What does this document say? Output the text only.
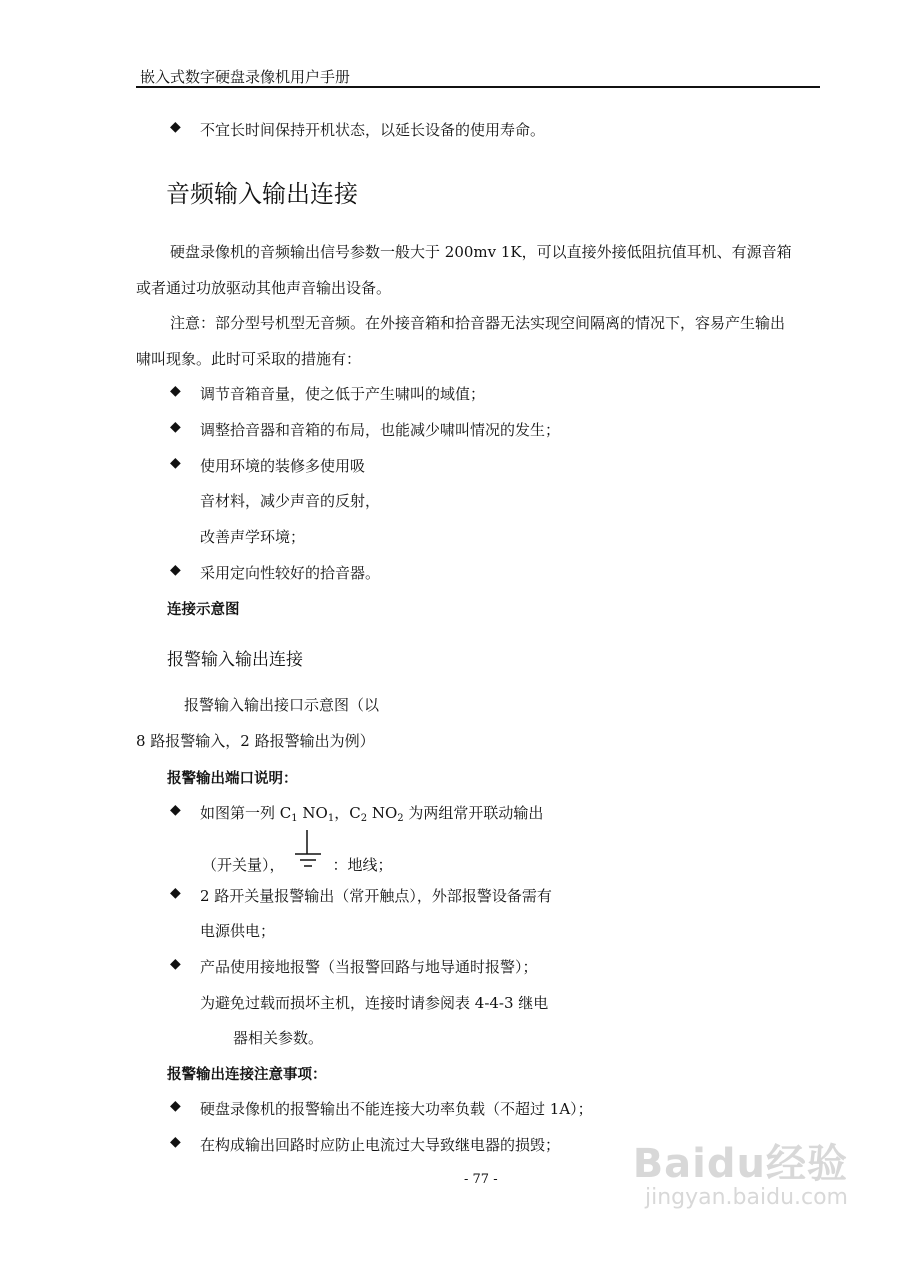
嵌入式数字硬盘录像机用户手册
◆ 不宜长时间保持开机状态，以延长设备的使用寿命。
音频输入输出连接
硬盘录像机的音频输出信号参数一般大于 200mv 1K，可以直接外接低阻抗值耳机、有源音箱
或者通过功放驱动其他声音输出设备。
注意：部分型号机型无音频。在外接音箱和拾音器无法实现空间隔离的情况下，容易产生输出
啸叫现象。此时可采取的措施有：
◆ 调节音箱音量，使之低于产生啸叫的域值；
◆ 调整拾音器和音箱的布局，也能减少啸叫情况的发生；
◆ 使用环境的装修多使用吸
音材料，减少声音的反射，
改善声学环境；
◆ 采用定向性较好的拾音器。
连接示意图
报警输入输出连接
报警输入输出接口示意图（以
8 路报警输入，2 路报警输出为例）
报警输出端口说明：
◆ 如图第一列 $C_1$ $NO_1$，$C_2$ $NO_2$ 为两组常开联动输出
（开关量），	：地线；
◆ 2 路开关量报警输出（常开触点），外部报警设备需有
电源供电；
◆ 产品使用接地报警（当报警回路与地导通时报警）；
为避免过载而损坏主机，连接时请参阅表 4-4-3 继电
器相关参数。
报警输出连接注意事项：
◆ 硬盘录像机的报警输出不能连接大功率负载（不超过 1A）；
◆ 在构成输出回路时应防止电流过大导致继电器的损毁；
- 77 -	Baidu经验
jingyan.baidu.com
